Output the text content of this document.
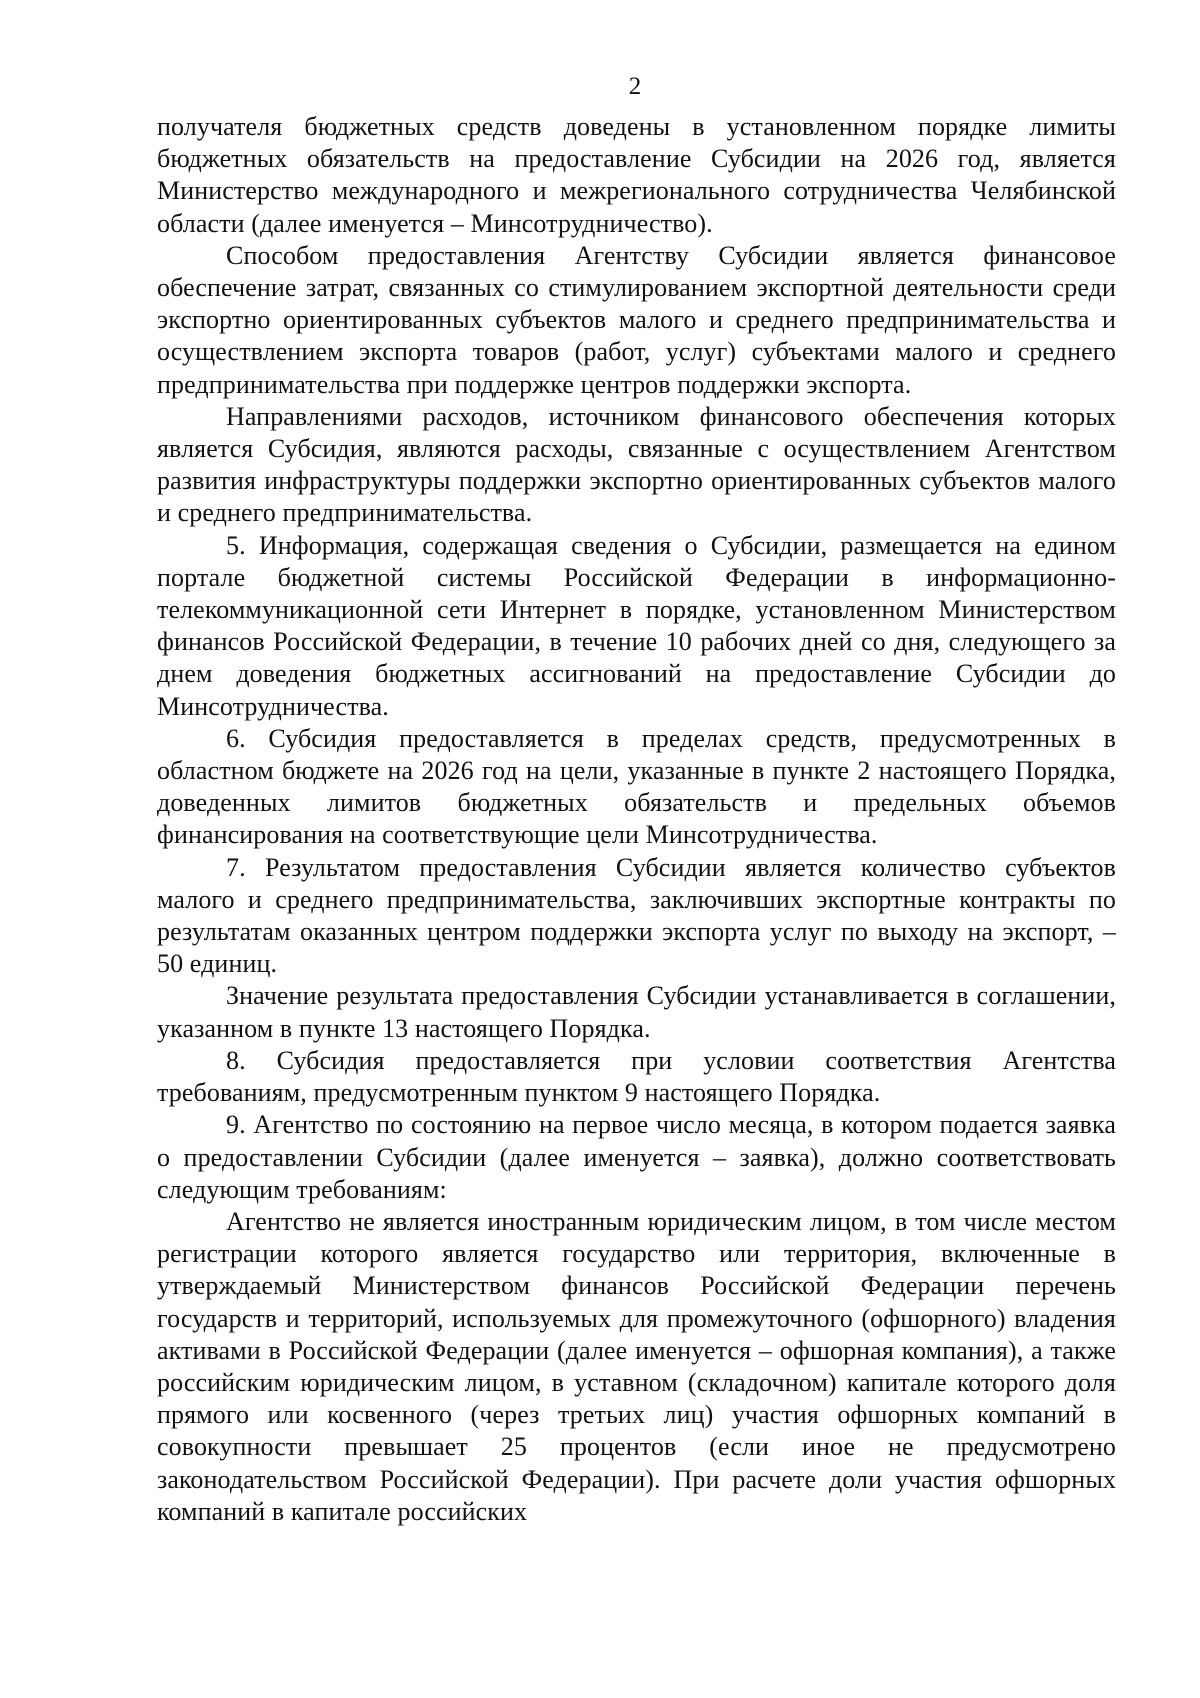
2

получателя бюджетных средств доведены в установленном порядке лимиты бюджетных обязательств на предоставление Субсидии на 2026 год, является Министерство международного и межрегионального сотрудничества Челябинской области (далее именуется – Минсотрудничество).

Способом предоставления Агентству Субсидии является финансовое обеспечение затрат, связанных со стимулированием экспортной деятельности среди экспортно ориентированных субъектов малого и среднего предпринимательства и осуществлением экспорта товаров (работ, услуг) субъектами малого и среднего предпринимательства при поддержке центров поддержки экспорта.

Направлениями расходов, источником финансового обеспечения которых является Субсидия, являются расходы, связанные с осуществлением Агентством развития инфраструктуры поддержки экспортно ориентированных субъектов малого и среднего предпринимательства.

5. Информация, содержащая сведения о Субсидии, размещается на едином портале бюджетной системы Российской Федерации в информационно-телекоммуникационной сети Интернет в порядке, установленном Министерством финансов Российской Федерации, в течение 10 рабочих дней со дня, следующего за днем доведения бюджетных ассигнований на предоставление Субсидии до Минсотрудничества.

6. Субсидия предоставляется в пределах средств, предусмотренных в областном бюджете на 2026 год на цели, указанные в пункте 2 настоящего Порядка, доведенных лимитов бюджетных обязательств и предельных объемов финансирования на соответствующие цели Минсотрудничества.

7. Результатом предоставления Субсидии является количество субъектов малого и среднего предпринимательства, заключивших экспортные контракты по результатам оказанных центром поддержки экспорта услуг по выходу на экспорт, – 50 единиц.

Значение результата предоставления Субсидии устанавливается в соглашении, указанном в пункте 13 настоящего Порядка.

8. Субсидия предоставляется при условии соответствия Агентства требованиям, предусмотренным пунктом 9 настоящего Порядка.

9. Агентство по состоянию на первое число месяца, в котором подается заявка о предоставлении Субсидии (далее именуется – заявка), должно соответствовать следующим требованиям:

Агентство не является иностранным юридическим лицом, в том числе местом регистрации которого является государство или территория, включенные в утверждаемый Министерством финансов Российской Федерации перечень государств и территорий, используемых для промежуточного (офшорного) владения активами в Российской Федерации (далее именуется – офшорная компания), а также российским юридическим лицом, в уставном (складочном) капитале которого доля прямого или косвенного (через третьих лиц) участия офшорных компаний в совокупности превышает 25 процентов (если иное не предусмотрено законодательством Российской Федерации). При расчете доли участия офшорных компаний в капитале российских
